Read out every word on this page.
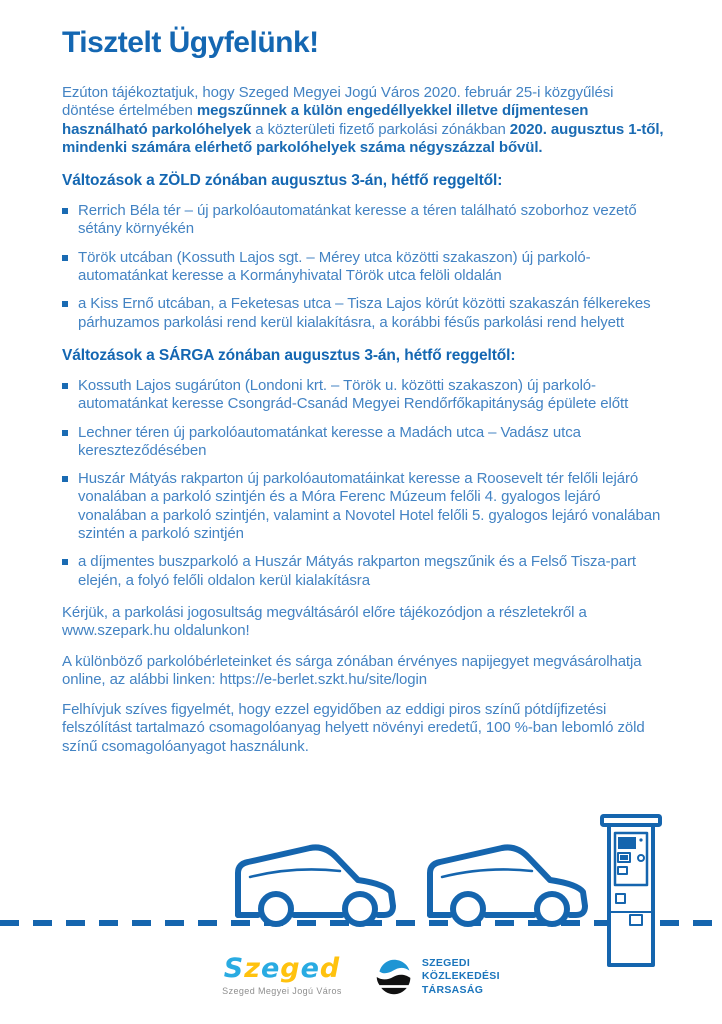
Tisztelt Ügyfelünk!

Ezúton tájékoztatjuk, hogy Szeged Megyei Jogú Város 2020. február 25-i közgyűlési döntése értelmében megszűnnek a külön engedéllyekkel illetve díjmentesen használható parkolóhelyek a közterületi fizető parkolási zónákban 2020. augusztus 1-től, mindenki számára elérhető parkolóhelyek száma négyszázzal bővül.

Változások a ZÖLD zónában augusztus 3-án, hétfő reggeltől:
Rerrich Béla tér – új parkolóautomatánkat keresse a téren található szoborhoz vezető sétány környékén
Török utcában (Kossuth Lajos sgt. – Mérey utca közötti szakaszon) új parkoló-automatánkat keresse a Kormányhivatal Török utca felöli oldalán
a Kiss Ernő utcában, a Feketesas utca – Tisza Lajos körút közötti szakaszán félkerekes párhuzamos parkolási rend kerül kialakításra, a korábbi fésűs parkolási rend helyett
Változások a SÁRGA zónában augusztus 3-án, hétfő reggeltől:
Kossuth Lajos sugárúton (Londoni krt. – Török u. közötti szakaszon) új parkoló-automatánkat keresse Csongrád-Csanád Megyei Rendőrfőkapitányság épülete előtt
Lechner téren új parkolóautomatánkat keresse a Madách utca – Vadász utca kereszteződésében
Huszár Mátyás rakparton új parkolóautomatáinkat keresse a Roosevelt tér felőli lejáró vonalában a parkoló szintjén és a Móra Ferenc Múzeum felőli 4. gyalogos lejáró vonalában a parkoló szintjén, valamint a Novotel Hotel felőli 5. gyalogos lejáró vonalában szintén a parkoló szintjén
a díjmentes buszparkoló a Huszár Mátyás rakparton megszűnik és a Felső Tisza-part elején, a folyó felőli oldalon kerül kialakításra

Kérjük, a parkolási jogosultság megváltásáról előre tájékozódjon a részletekről a www.szepark.hu oldalunkon!

A különböző parkolóbérleteinket és sárga zónában érvényes napijegyet megvásárolhatja online, az alábbi linken: https://e-berlet.szkt.hu/site/login

Felhívjuk szíves figyelmét, hogy ezzel egyidőben az eddigi piros színű pótdíjfizetési felszólítást tartalmazó csomagolóanyag helyett növényi eredetű, 100 %-ban lebomló zöld színű csomagolóanyagot használunk.

Szeged
Szeged Megyei Jogú Város
SZEGEDI
KÖZLEKEDÉSI
TÁRSASÁG
